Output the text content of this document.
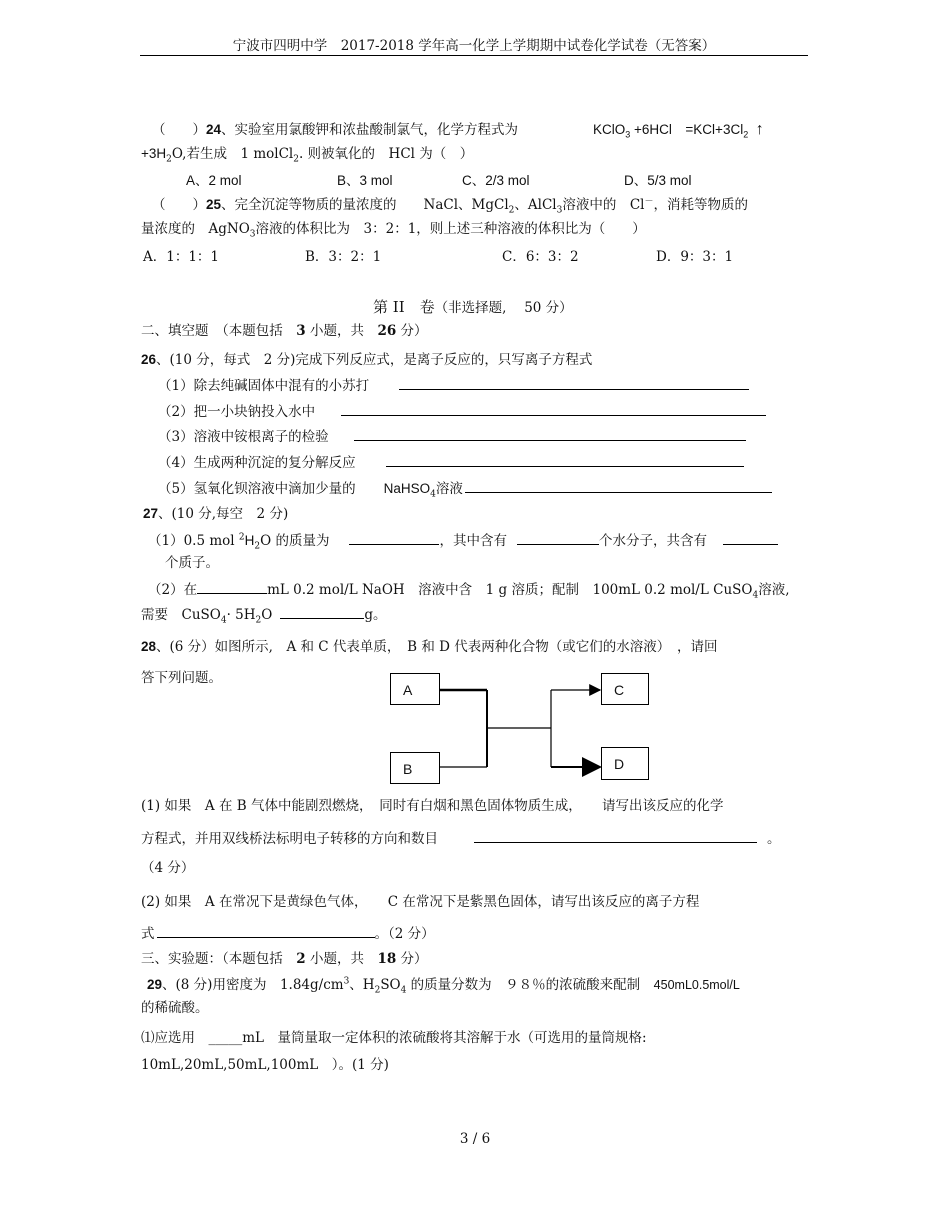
宁波市四明中学　2017-2018 学年高一化学上学期期中试卷化学试卷（无答案）
（　　）24、实验室用氯酸钾和浓盐酸制氯气，化学方程式为	KClO$_3$ +6HCl　$=KCl+3Cl_2$ ↑
$+3H_2O$,若生成　1 molCl$_2$. 则被氧化的　HCl 为（　）
A、2 mol	B、3 mol	C、2/3 mol	D、5/3 mol
（　　）25、完全沉淀等物质的量浓度的　　NaCl、MgCl$_2$、AlCl$_3$溶液中的　Cl－，消耗等物质的
量浓度的　AgNO$_3$溶液的体积比为　3：2：1，则上述三种溶液的体积比为（　　）
A．1：1：1	B．3：2：1	C．6：3：2	D．9：3：1
第 II　卷（非选择题,　 50 分）
二、填空题　（本题包括　3 小题，共　26 分）
26、(10 分，每式　2 分)完成下列反应式，是离子反应的，只写离子方程式
（1）除去纯碱固体中混有的小苏打
（2）把一小块钠投入水中
（3）溶液中铵根离子的检验
（4）生成两种沉淀的复分解反应
（5）氢氧化钡溶液中滴加少量的 NaHSO$_4$溶液
27、(10 分,每空　2 分)
（1）0.5 mol $^2H_2O$ 的质量为	，其中含有	个水分子，共含有
个质子。
（2）在	mL 0.2 mol/L NaOH　溶液中含　1 g 溶质；配制　100mL 0.2 mol/L CuSO$_4$溶液,
需要　CuSO$_4$· $5H_2O$	g。
28、(6 分）如图所示,　A 和 C 代表单质，　B 和 D 代表两种化合物（或它们的水溶液）　，请回
答下列问题。
A
B
C
D
(1) 如果　A 在 B 气体中能剧烈燃烧，　同时有白烟和黑色固体物质生成，　　请写出该反应的化学
方程式，并用双线桥法标明电子转移的方向和数目	。
（4 分）
(2) 如果　A 在常况下是黄绿色气体，　　C 在常况下是紫黑色固体，请写出该反应的离子方程
式	。（2 分）
三、实验题：（本题包括　2 小题，共　18 分）
29、(8 分)用密度为　$1.84g/cm^3$、$H_2SO_4$ 的质量分数为　９８％的浓硫酸来配制　450mL0.5mol/L
的稀硫酸。
⑴应选用　_____mL　量筒量取一定体积的浓硫酸将其溶解于水（可选用的量筒规格:
10mL,20mL,50mL,100mL　）。(1 分)
3 / 6
